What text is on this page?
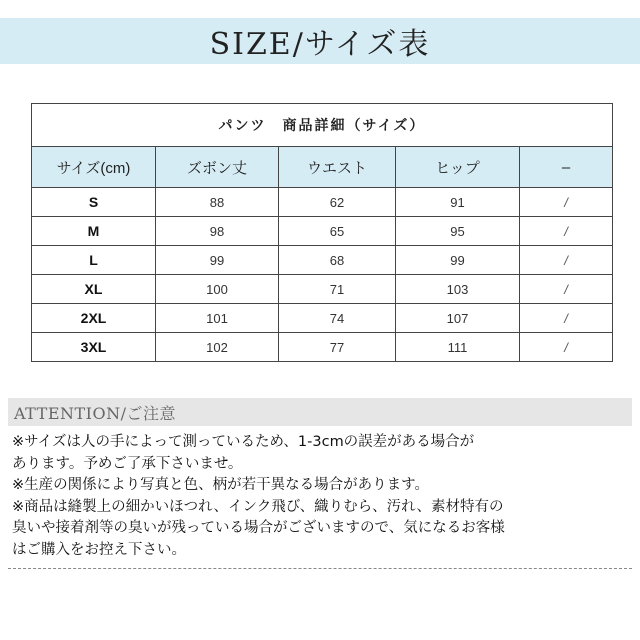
SIZE/サイズ表
パンツ　商品詳細（サイズ）				
サイズ(cm)	ズボン丈	ウエスト	ヒップ	–
S	88	62	91	/
M	98	65	95	/
L	99	68	99	/
XL	100	71	103	/
2XL	101	74	107	/
3XL	102	77	111	/
ATTENTION/ご注意

※サイズは人の手によって測っているため、1-3cmの誤差がある場合が

あります。予めご了承下さいませ。

※生産の関係により写真と色、柄が若干異なる場合があります。

※商品は縫製上の細かいほつれ、インク飛び、織りむら、汚れ、素材特有の

臭いや接着剤等の臭いが残っている場合がございますので、気になるお客様

はご購入をお控え下さい。
